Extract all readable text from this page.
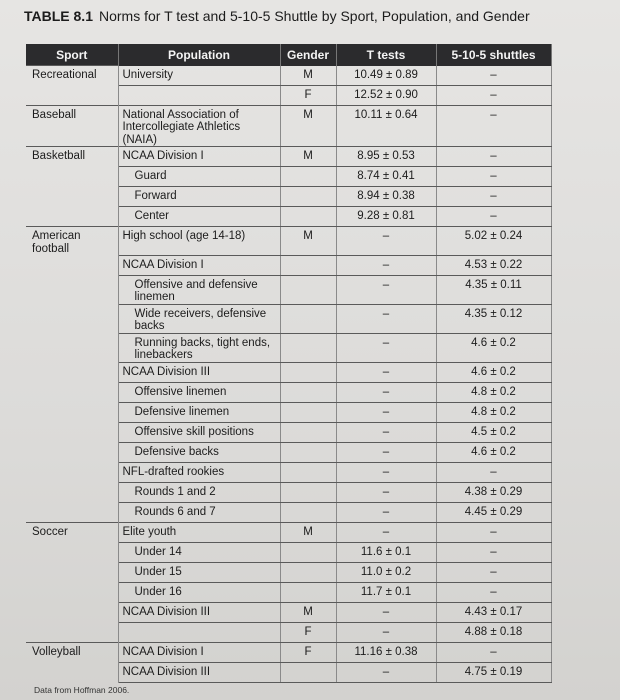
TABLE 8.1 Norms for T test and 5-10-5 Shuttle by Sport, Population, and Gender
Sport	Population	Gender	T tests	5-10-5 shuttles
Recreational	University	M	10.49 ± 0.89	–
		F	12.52 ± 0.90	–
Baseball	National Association of Intercollegiate Athletics (NAIA)	M	10.11 ± 0.64	–
Basketball	NCAA Division I	M	8.95 ± 0.53	–
	Guard		8.74 ± 0.41	–
	Forward		8.94 ± 0.38	–
	Center		9.28 ± 0.81	–
American football	High school (age 14-18)	M	–	5.02 ± 0.24
	NCAA Division I		–	4.53 ± 0.22
	Offensive and defensive linemen		–	4.35 ± 0.11
	Wide receivers, defensive backs		–	4.35 ± 0.12
	Running backs, tight ends, linebackers		–	4.6 ± 0.2
	NCAA Division III		–	4.6 ± 0.2
	Offensive linemen		–	4.8 ± 0.2
	Defensive linemen		–	4.8 ± 0.2
	Offensive skill positions		–	4.5 ± 0.2
	Defensive backs		–	4.6 ± 0.2
	NFL-drafted rookies		–	–
	Rounds 1 and 2		–	4.38 ± 0.29
	Rounds 6 and 7		–	4.45 ± 0.29
Soccer	Elite youth	M	–	–
	Under 14		11.6 ± 0.1	–
	Under 15		11.0 ± 0.2	–
	Under 16		11.7 ± 0.1	–
	NCAA Division III	M	–	4.43 ± 0.17
		F	–	4.88 ± 0.18
Volleyball	NCAA Division I	F	11.16 ± 0.38	–
	NCAA Division III		–	4.75 ± 0.19
Data from Hoffman 2006.
